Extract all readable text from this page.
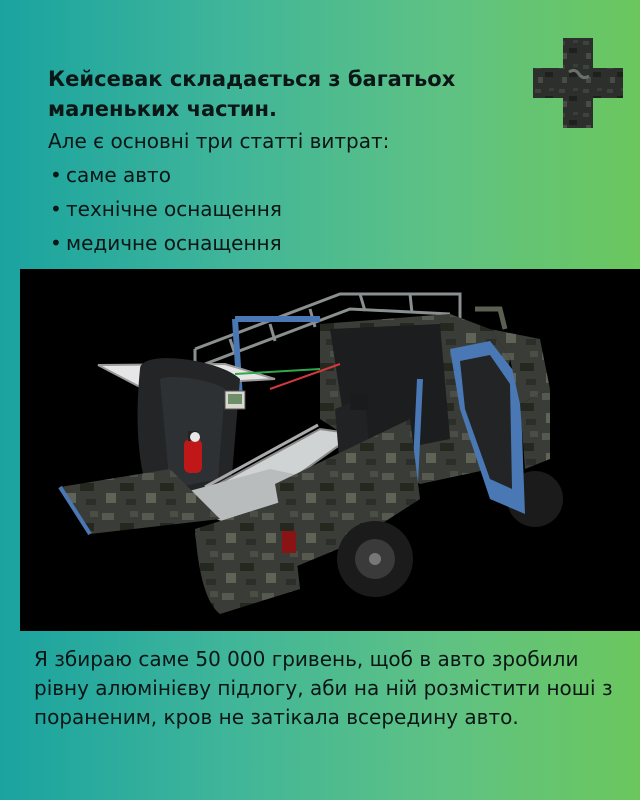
Кейсевак складається з багатьох маленьких частин.

Але є основні три статті витрат:

• саме авто
• технічне оснащення
• медичне оснащення

Я збираю саме 50 000 гривень, щоб в авто зробили рівну алюмінієву підлогу, аби на ній розмістити ноші з пораненим, кров не затікала всередину авто.
